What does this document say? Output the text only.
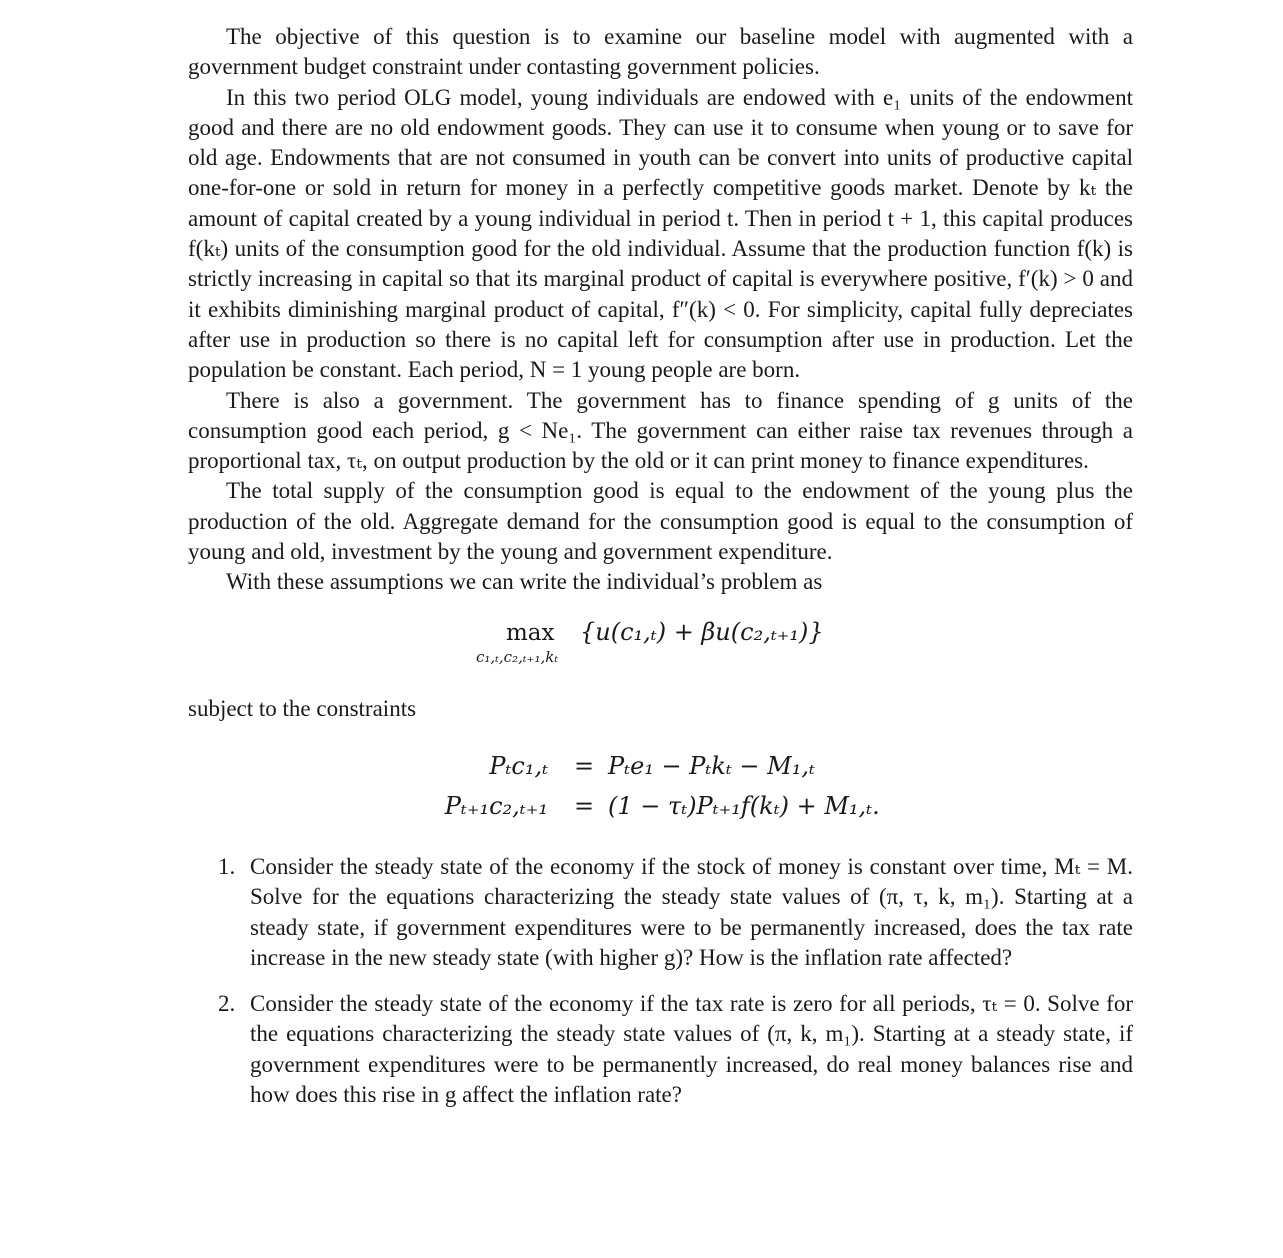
The objective of this question is to examine our baseline model with augmented with a government budget constraint under contasting government policies.

In this two period OLG model, young individuals are endowed with e₁ units of the endowment good and there are no old endowment goods. They can use it to consume when young or to save for old age. Endowments that are not consumed in youth can be convert into units of productive capital one-for-one or sold in return for money in a perfectly competitive goods market. Denote by kₜ the amount of capital created by a young individual in period t. Then in period t + 1, this capital produces f(kₜ) units of the consumption good for the old individual. Assume that the production function f(k) is strictly increasing in capital so that its marginal product of capital is everywhere positive, f′(k) > 0 and it exhibits diminishing marginal product of capital, f″(k) < 0. For simplicity, capital fully depreciates after use in production so there is no capital left for consumption after use in production. Let the population be constant. Each period, N = 1 young people are born.

There is also a government. The government has to finance spending of g units of the consumption good each period, g < Ne₁. The government can either raise tax revenues through a proportional tax, τₜ, on output production by the old or it can print money to finance expenditures.

The total supply of the consumption good is equal to the endowment of the young plus the production of the old. Aggregate demand for the consumption good is equal to the consumption of young and old, investment by the young and government expenditure.

With these assumptions we can write the individual’s problem as

max
c₁,ₜ,c₂,ₜ₊₁,kₜ
{u(c₁,ₜ) + βu(c₂,ₜ₊₁)}

subject to the constraints

Pₜc₁,ₜ = Pₜe₁ − Pₜkₜ − M₁,ₜ
Pₜ₊₁c₂,ₜ₊₁ = (1 − τₜ)Pₜ₊₁f(kₜ) + M₁,ₜ.
1. Consider the steady state of the economy if the stock of money is constant over time, Mₜ = M. Solve for the equations characterizing the steady state values of (π, τ, k, m₁). Starting at a steady state, if government expenditures were to be permanently increased, does the tax rate increase in the new steady state (with higher g)? How is the inflation rate affected?

2. Consider the steady state of the economy if the tax rate is zero for all periods, τₜ = 0. Solve for the equations characterizing the steady state values of (π, k, m₁). Starting at a steady state, if government expenditures were to be permanently increased, do real money balances rise and how does this rise in g affect the inflation rate?
